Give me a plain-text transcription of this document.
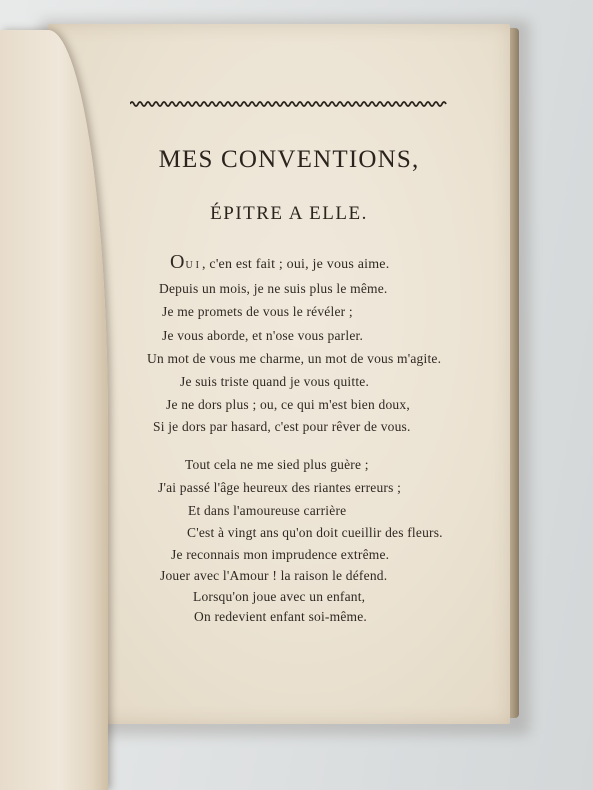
MES CONVENTIONS,
ÉPITRE A ELLE.
OUI, c'en est fait ; oui, je vous aime.
Depuis un mois, je ne suis plus le même.
Je me promets de vous le révéler ;
Je vous aborde, et n'ose vous parler.
Un mot de vous me charme, un mot de vous m'agite.
Je suis triste quand je vous quitte.
Je ne dors plus ; ou, ce qui m'est bien doux,
Si je dors par hasard, c'est pour rêver de vous.
Tout cela ne me sied plus guère ;
J'ai passé l'âge heureux des riantes erreurs ;
Et dans l'amoureuse carrière
C'est à vingt ans qu'on doit cueillir des fleurs.
Je reconnais mon imprudence extrême.
Jouer avec l'Amour ! la raison le défend.
Lorsqu'on joue avec un enfant,
On redevient enfant soi-même.
